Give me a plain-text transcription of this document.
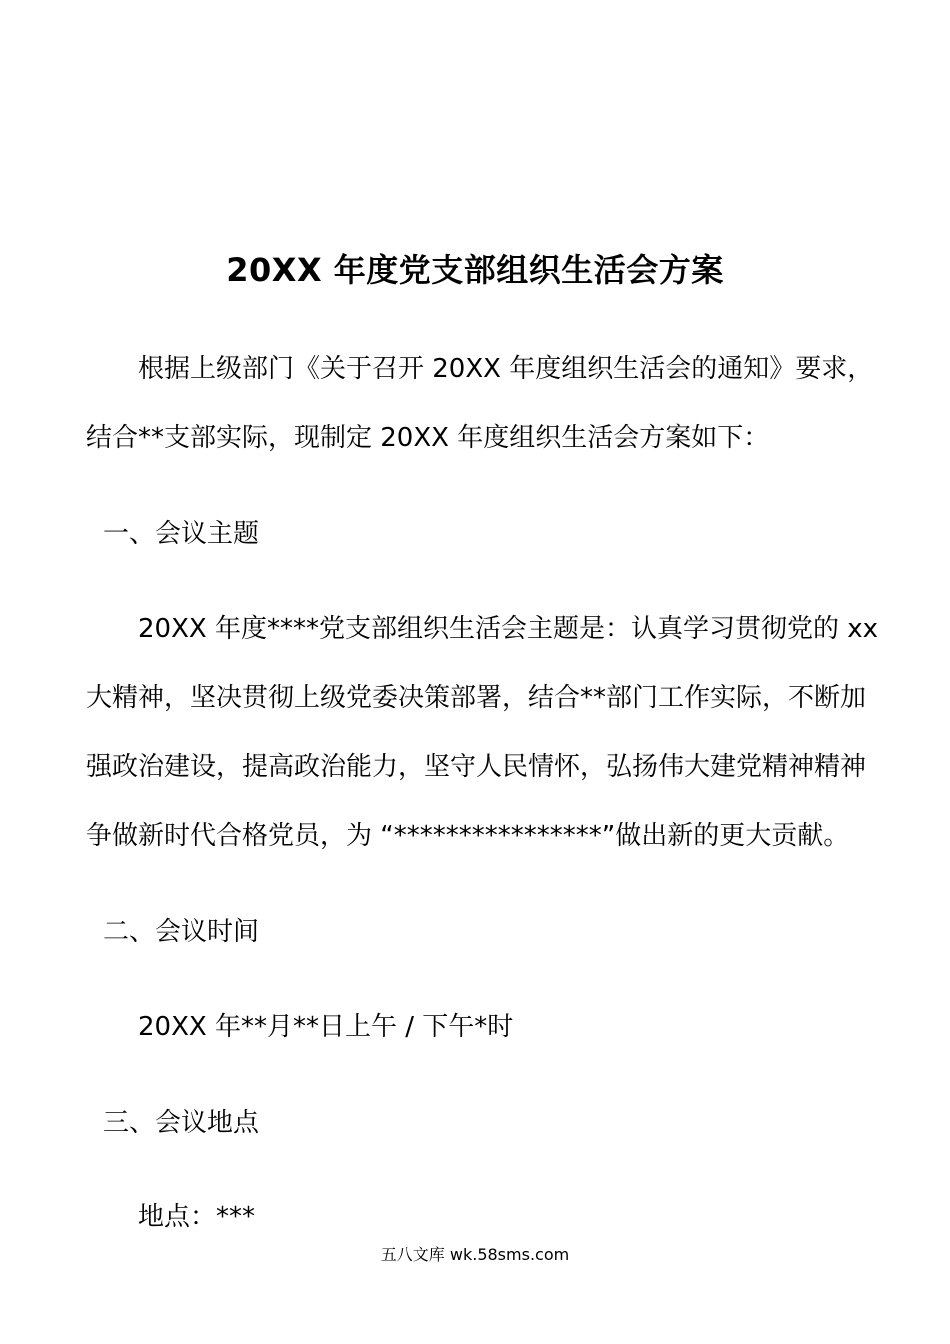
20XX 年度党支部组织生活会方案
根据上级部门《关于召开 20XX 年度组织生活会的通知》要求，
结合**支部实际，现制定 20XX 年度组织生活会方案如下：
一、会议主题
20XX 年度****党支部组织生活会主题是：认真学习贯彻党的 xx
大精神，坚决贯彻上级党委决策部署，结合**部门工作实际，不断加
强政治建设，提高政治能力，坚守人民情怀，弘扬伟大建党精神精神
争做新时代合格党员，为 “****************”做出新的更大贡献。
二、会议时间
20XX 年**月**日上午 / 下午*时
三、会议地点
地点：***
五八文库 wk.58sms.com
